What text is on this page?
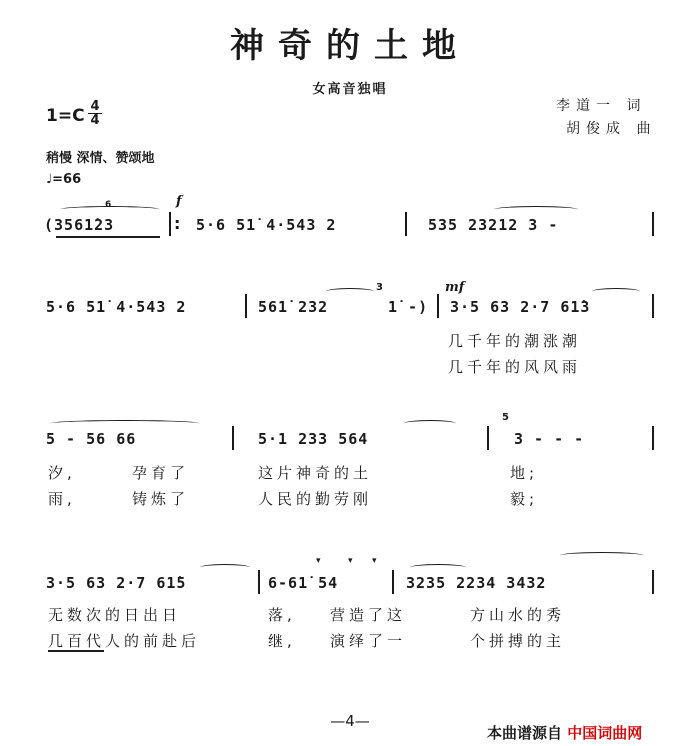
神奇的土地
女高音独唱
李道一 词
胡俊成 曲
$1=C \frac{4}{4}$
稍慢 深情、赞颂地
♩=66
(3561̇23
6	f
: 5·6 51̇ 4·543 2	535 23212 3 -
5·6 51̇ 4·543 2	561̇ 232
3
1̇ -)
mf
3·5 63 2·7 61̇3
几千年的潮涨潮
几千年的风风雨
5 - 56 66	5·1 233 564
5
3 - - -
汐,	孕育了	这片神奇的土	地;
雨,	铸炼了	人民的勤劳刚	毅;
3·5 63 2·7 61̇5	6-61̇ 54
▾	▾ ▾
3235 2234 3432
无数次的日出日	落, 营造了这	方山水的秀
几百代人的前赴后	继, 演绎了一	个拼搏的主
—4—
本曲谱源自 中国词曲网
